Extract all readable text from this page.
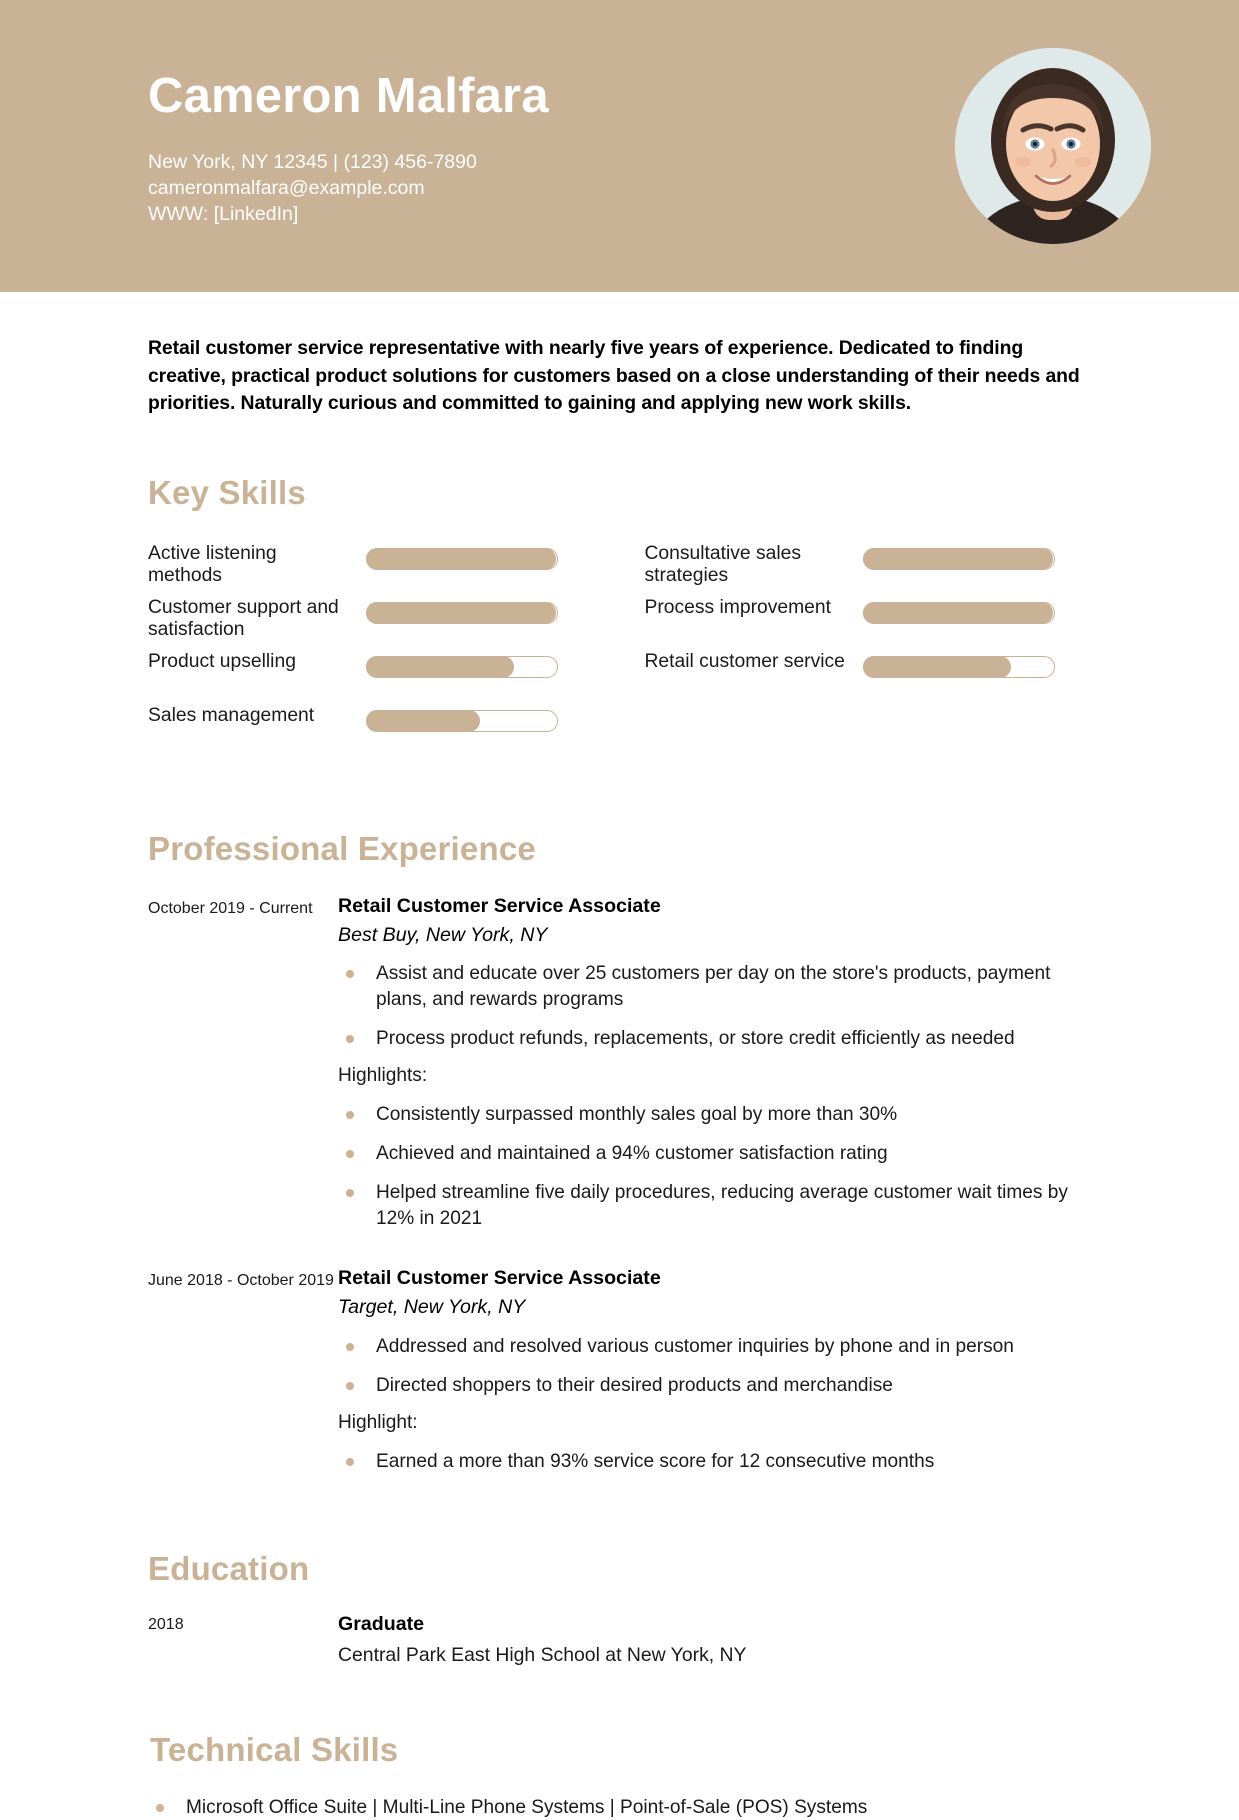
Cameron Malfara
New York, NY 12345 | (123) 456-7890
cameronmalfara@example.com
WWW: [LinkedIn]

Retail customer service representative with nearly five years of experience. Dedicated to finding creative, practical product solutions for customers based on a close understanding of their needs and priorities. Naturally curious and committed to gaining and applying new work skills.

Key Skills
Active listening methods
Customer support and satisfaction
Product upselling
Sales management
Consultative sales strategies
Process improvement
Retail customer service
Professional Experience
October 2019 - Current	Retail Customer Service Associate
Best Buy, New York, NY
Assist and educate over 25 customers per day on the store's products, payment plans, and rewards programs
Process product refunds, replacements, or store credit efficiently as needed
Highlights:
Consistently surpassed monthly sales goal by more than 30%
Achieved and maintained a 94% customer satisfaction rating
Helped streamline five daily procedures, reducing average customer wait times by 12% in 2021
June 2018 - October 2019 Retail Customer Service Associate
Target, New York, NY
Addressed and resolved various customer inquiries by phone and in person
Directed shoppers to their desired products and merchandise
Highlight:
Earned a more than 93% service score for 12 consecutive months
Education
2018	Graduate
Central Park East High School at New York, NY
Technical Skills
Microsoft Office Suite | Multi-Line Phone Systems | Point-of-Sale (POS) Systems
